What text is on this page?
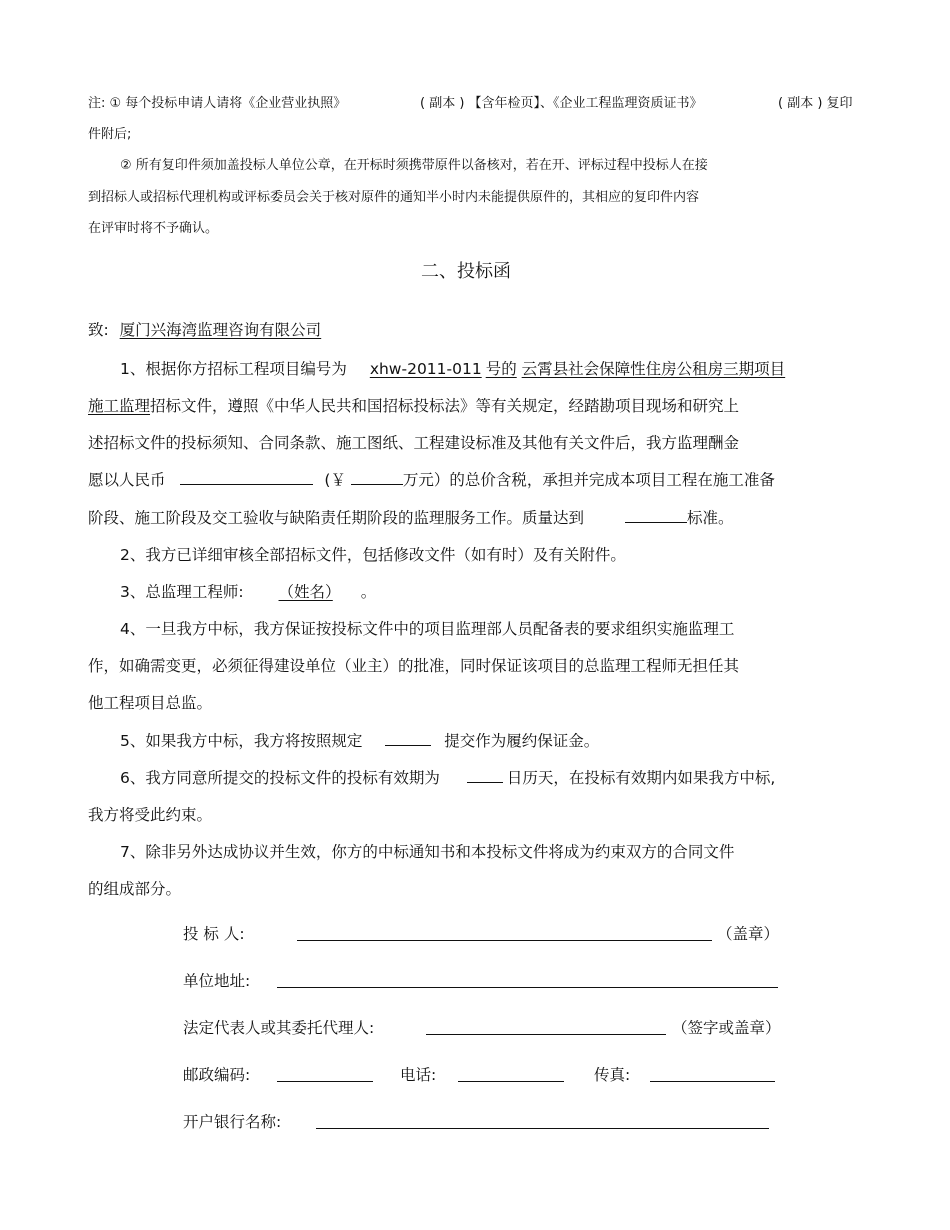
注: ① 每个投标申请人请将《企业营业执照》	( 副本 ) 【含年检页】、《企业工程监理资质证书》	( 副本 ) 复印
件附后;
② 所有复印件须加盖投标人单位公章，在开标时须携带原件以备核对，若在开、评标过程中投标人在接
到招标人或招标代理机构或评标委员会关于核对原件的通知半小时内未能提供原件的，其相应的复印件内容
在评审时将不予确认。
二、投标函
致: 厦门兴海湾监理咨询有限公司
1、根据你方招标工程项目编号为 xhw-2011-011 号的 云霄县社会保障性住房公租房三期项目
施工监理招标文件，遵照《中华人民共和国招标投标法》等有关规定，经踏勘项目现场和研究上
述招标文件的投标须知、合同条款、施工图纸、工程建设标准及其他有关文件后，我方监理酬金
愿以人民币	(￥	万元）的总价含税，承担并完成本项目工程在施工准备
阶段、施工阶段及交工验收与缺陷责任期阶段的监理服务工作。质量达到	标准。
2、我方已详细审核全部招标文件，包括修改文件（如有时）及有关附件。
3、总监理工程师: （姓名） 。
4、一旦我方中标，我方保证按投标文件中的项目监理部人员配备表的要求组织实施监理工
作，如确需变更，必须征得建设单位（业主）的批准，同时保证该项目的总监理工程师无担任其
他工程项目总监。
5、如果我方中标，我方将按照规定	提交作为履约保证金。
6、我方同意所提交的投标文件的投标有效期为	日历天，在投标有效期内如果我方中标,
我方将受此约束。
7、除非另外达成协议并生效，你方的中标通知书和本投标文件将成为约束双方的合同文件
的组成部分。
投 标 人:	（盖章）
单位地址:
法定代表人或其委托代理人:	（签字或盖章）
邮政编码:	电话:	传真:
开户银行名称:
